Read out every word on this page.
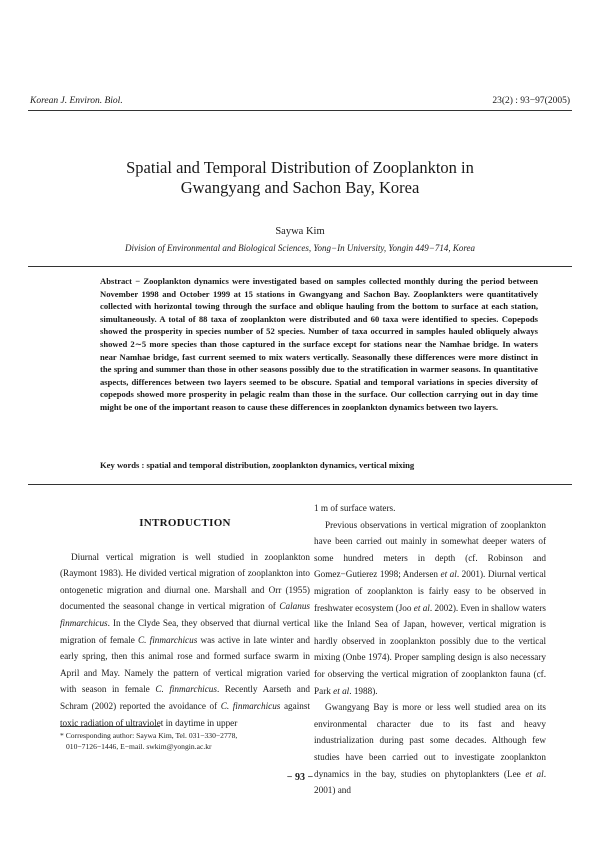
Korean J. Environ. Biol.	23(2) : 93−97(2005)
Spatial and Temporal Distribution of Zooplankton in
Gwangyang and Sachon Bay, Korea
Saywa Kim
Division of Environmental and Biological Sciences, Yong−In University, Yongin 449−714, Korea
Abstract − Zooplankton dynamics were investigated based on samples collected monthly during the period between November 1998 and October 1999 at 15 stations in Gwangyang and Sachon Bay. Zooplankters were quantitatively collected with horizontal towing through the surface and oblique hauling from the bottom to surface at each station, simultaneously. A total of 88 taxa of zooplankton were distributed and 60 taxa were identified to species. Copepods showed the prosperity in species number of 52 species. Number of taxa occurred in samples hauled obliquely always showed 2∼5 more species than those captured in the surface except for stations near the Namhae bridge. In waters near Namhae bridge, fast current seemed to mix waters vertically. Seasonally these differences were more distinct in the spring and summer than those in other seasons possibly due to the stratification in warmer seasons. In quantitative aspects, differences between two layers seemed to be obscure. Spatial and temporal variations in species diversity of copepods showed more prosperity in pelagic realm than those in the surface. Our collection carrying out in day time might be one of the important reason to cause these differences in zooplankton dynamics between two layers.
Key words : spatial and temporal distribution, zooplankton dynamics, vertical mixing
INTRODUCTION

Diurnal vertical migration is well studied in zooplankton (Raymont 1983). He divided vertical migration of zooplankton into ontogenetic migration and diurnal one. Marshall and Orr (1955) documented the seasonal change in vertical migration of Calanus finmarchicus. In the Clyde Sea, they observed that diurnal vertical migration of female C. finmarchicus was active in late winter and early spring, then this animal rose and formed surface swarm in April and May. Namely the pattern of vertical migration varied with season in female C. finmarchicus. Recently Aarseth and Schram (2002) reported the avoidance of C. finmarchicus against toxic radiation of ultraviolet in daytime in upper

1 m of surface waters.

Previous observations in vertical migration of zooplankton have been carried out mainly in somewhat deeper waters of some hundred meters in depth (cf. Robinson and Gomez−Gutierez 1998; Andersen et al. 2001). Diurnal vertical migration of zooplankton is fairly easy to be observed in freshwater ecosystem (Joo et al. 2002). Even in shallow waters like the Inland Sea of Japan, however, vertical migration is hardly observed in zooplankton possibly due to the vertical mixing (Onbe 1974). Proper sampling design is also necessary for observing the vertical migration of zooplankton fauna (cf. Park et al. 1988).

Gwangyang Bay is more or less well studied area on its environmental character due to its fast and heavy industrialization during past some decades. Although few studies have been carried out to investigate zooplankton dynamics in the bay, studies on phytoplankters (Lee et al. 2001) and

* Corresponding author: Saywa Kim, Tel. 031−330−2778,
010−7126−1446, E−mail. swkim@yongin.ac.kr
− 93 −
